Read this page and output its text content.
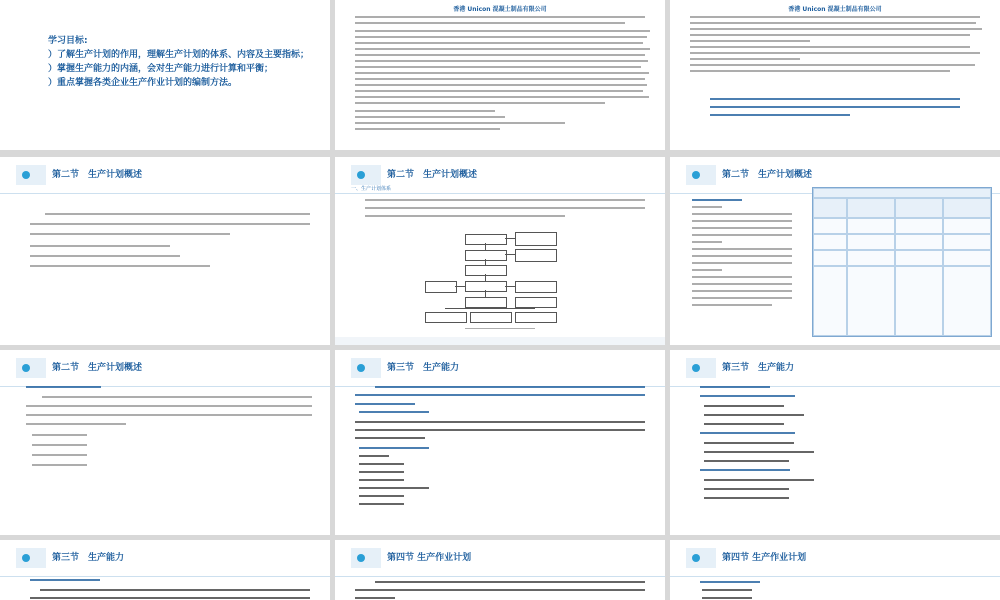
学习目标:
）了解生产计划的作用，理解生产计划的体系、内容及主要指标；
）掌握生产能力的内涵，会对生产能力进行计算和平衡；
）重点掌握各类企业生产作业计划的编制方法。
香港 Unicon 混凝土制品有限公司	香港 Unicon 混凝土制品有限公司
第二节　生产计划概述	第二节　生产计划概述
一、生产计划体系
第二节　生产计划概述
第二节　生产计划概述	第三节　生产能力	第三节　生产能力
第三节　生产能力	第四节 生产作业计划	第四节 生产作业计划
